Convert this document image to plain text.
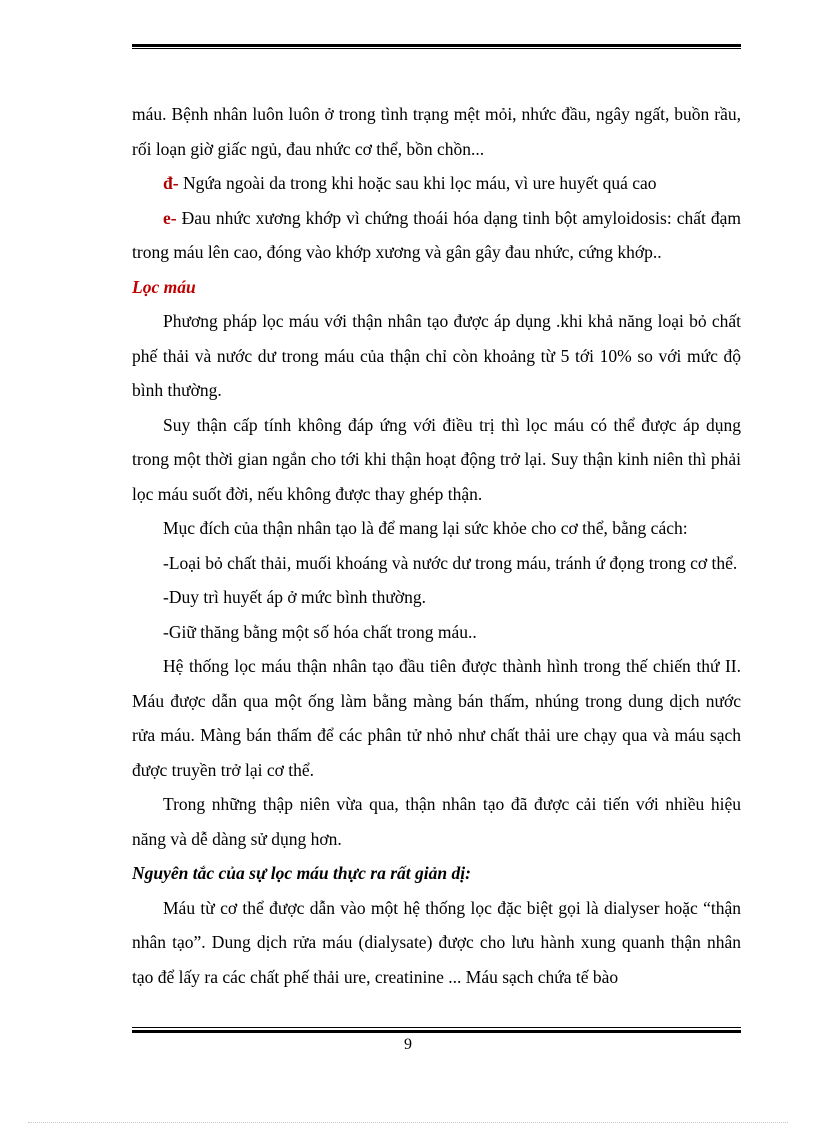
máu. Bệnh nhân luôn luôn ở trong tình trạng mệt mỏi, nhức đầu, ngây ngất, buồn rầu, rối loạn giờ giấc ngủ, đau nhức cơ thể, bồn chồn...

đ- Ngứa ngoài da trong khi hoặc sau khi lọc máu, vì ure huyết quá cao

e- Đau nhức xương khớp vì chứng thoái hóa dạng tinh bột amyloidosis: chất đạm trong máu lên cao, đóng vào khớp xương và gân gây đau nhức, cứng khớp..

Lọc máu

Phương pháp lọc máu với thận nhân tạo được áp dụng .khi khả năng loại bỏ chất phế thải và nước dư trong máu của thận chỉ còn khoảng từ 5 tới 10% so với mức độ bình thường.

Suy thận cấp tính không đáp ứng với điều trị thì lọc máu có thể được áp dụng trong một thời gian ngắn cho tới khi thận hoạt động trở lại. Suy thận kinh niên thì phải lọc máu suốt đời, nếu không được thay ghép thận.

Mục đích của thận nhân tạo là để mang lại sức khỏe cho cơ thể, bằng cách:

-Loại bỏ chất thải, muối khoáng và nước dư trong máu, tránh ứ đọng trong cơ thể.

-Duy trì huyết áp ở mức bình thường.

-Giữ thăng bằng một số hóa chất trong máu..

Hệ thống lọc máu thận nhân tạo đầu tiên được thành hình trong thế chiến thứ II. Máu được dẫn qua một ống làm bằng màng bán thấm, nhúng trong dung dịch nước rửa máu. Màng bán thấm để các phân tử nhỏ như chất thải ure chạy qua và máu sạch được truyền trở lại cơ thể.

Trong những thập niên vừa qua, thận nhân tạo đã được cải tiến với nhiều hiệu năng và dễ dàng sử dụng hơn.

Nguyên tắc của sự lọc máu thực ra rất giản dị:

Máu từ cơ thể được dẫn vào một hệ thống lọc đặc biệt gọi là dialyser hoặc “thận nhân tạo”. Dung dịch rửa máu (dialysate) được cho lưu hành xung quanh thận nhân tạo để lấy ra các chất phế thải ure, creatinine ... Máu sạch chứa tế bào

9
